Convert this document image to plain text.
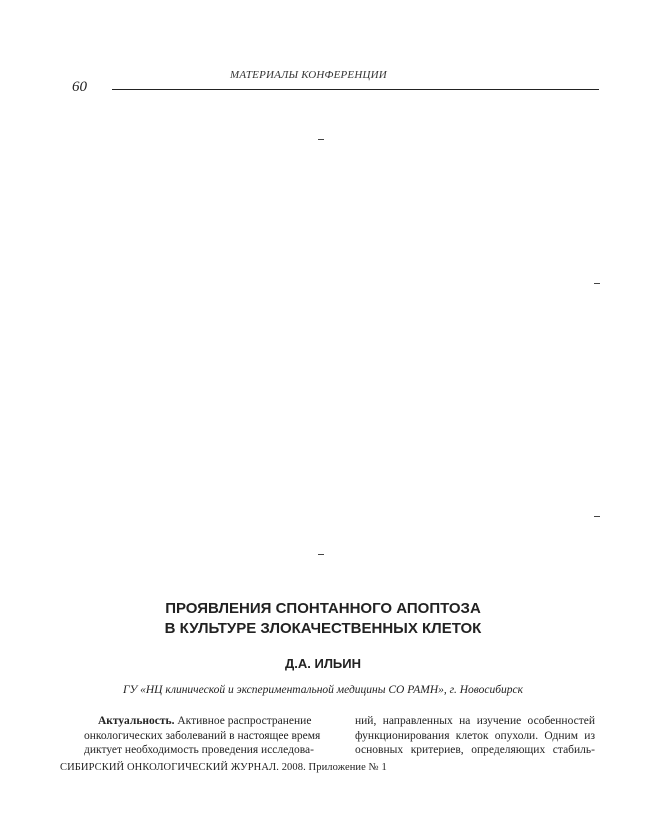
МАТЕРИАЛЫ КОНФЕРЕНЦИИ
60
ПРОЯВЛЕНИЯ СПОНТАННОГО АПОПТОЗА
В КУЛЬТУРЕ ЗЛОКАЧЕСТВЕННЫХ КЛЕТОК
Д.А. ИЛЬИН
ГУ «НЦ клинической и экспериментальной медицины СО РАМН», г. Новосибирск
Актуальность. Активное распространение
онкологических заболеваний в настоящее время
диктует необходимость проведения исследова-
ний, направленных на изучение особенностей
функционирования клеток опухоли. Одним из
основных критериев, определяющих стабиль-
СИБИРСКИЙ ОНКОЛОГИЧЕСКИЙ ЖУРНАЛ. 2008. Приложение № 1
